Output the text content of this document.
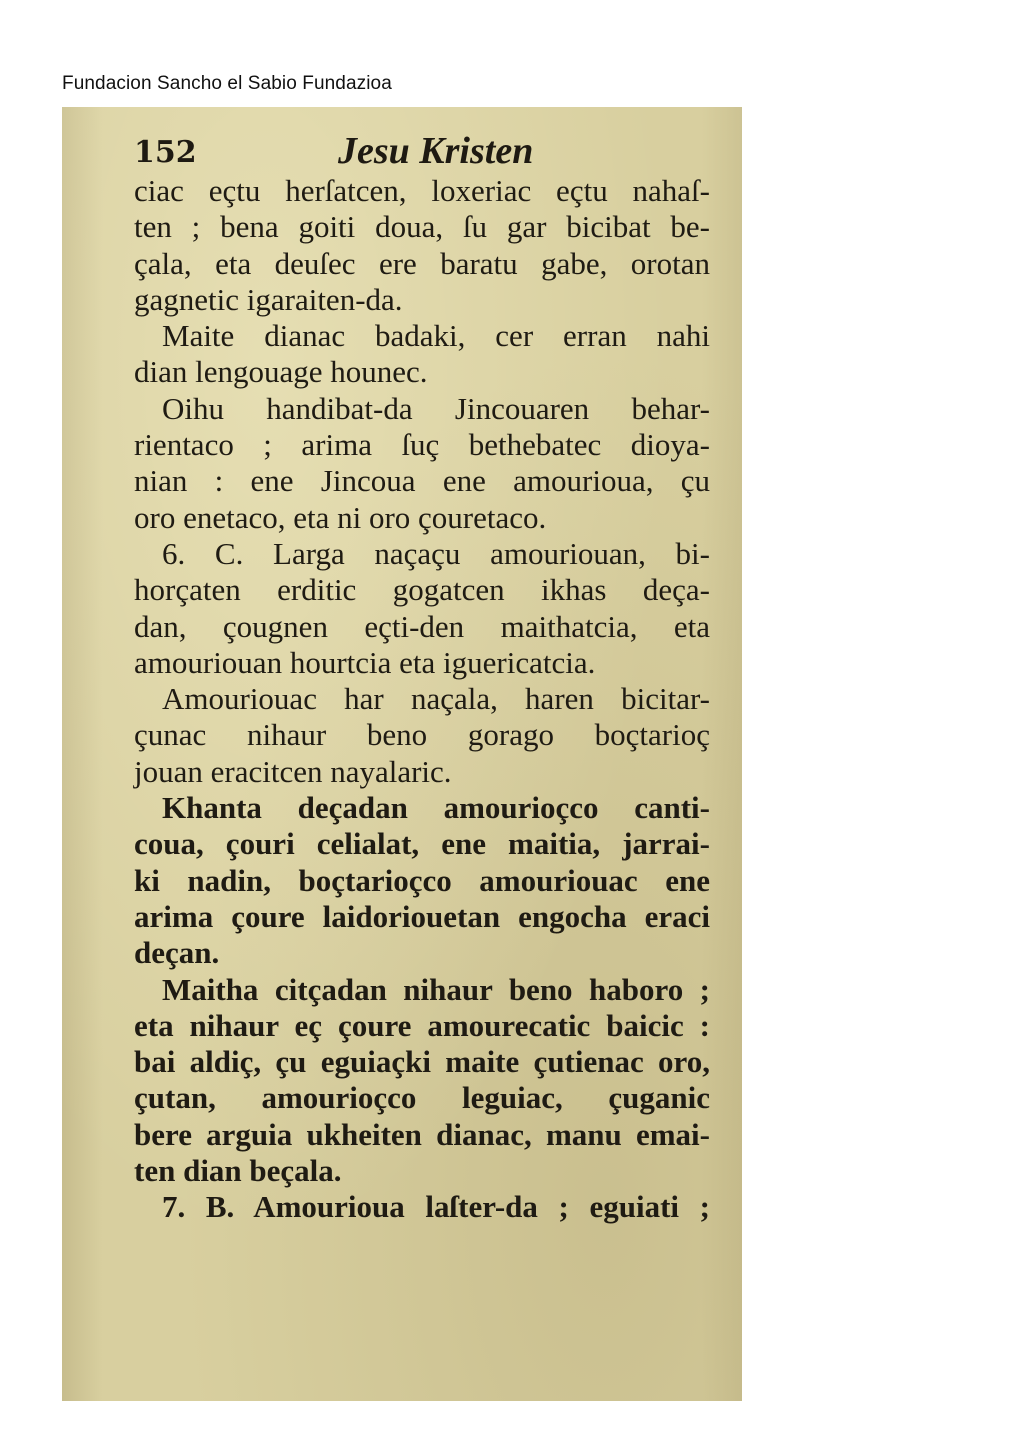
Fundacion Sancho el Sabio Fundazioa
152	Jesu Kristen
ciac eçtu herſatcen, loxeriac eçtu nahaſ-
ten ; bena goiti doua, ſu gar bicibat be-
çala, eta deuſec ere baratu gabe, orotan
gagnetic igaraiten-da.
Maite dianac badaki, cer erran nahi
dian lengouage hounec.
Oihu handibat-da Jincouaren behar-
rientaco ; arima ſuç bethebatec dioya-
nian : ene Jincoua ene amourioua, çu
oro enetaco, eta ni oro çouretaco.
6. C. Larga naçaçu amouriouan, bi-
horçaten erditic gogatcen ikhas deça-
dan, çougnen eçti-den maithatcia, eta
amouriouan hourtcia eta iguericatcia.
Amouriouac har naçala, haren bicitar-
çunac nihaur beno gorago boçtarioç
jouan eracitcen nayalaric.
Khanta deçadan amourioçco canti-
coua, çouri celialat, ene maitia, jarrai-
ki nadin, boçtarioçco amouriouac ene
arima çoure laidoriouetan engocha eraci
deçan.
Maitha citçadan nihaur beno haboro ;
eta nihaur eç çoure amourecatic baicic :
bai aldiç, çu eguiaçki maite çutienac oro,
çutan, amourioçco leguiac, çuganic
bere arguia ukheiten dianac, manu emai-
ten dian beçala.
7. B. Amourioua laſter-da ; eguiati ;
